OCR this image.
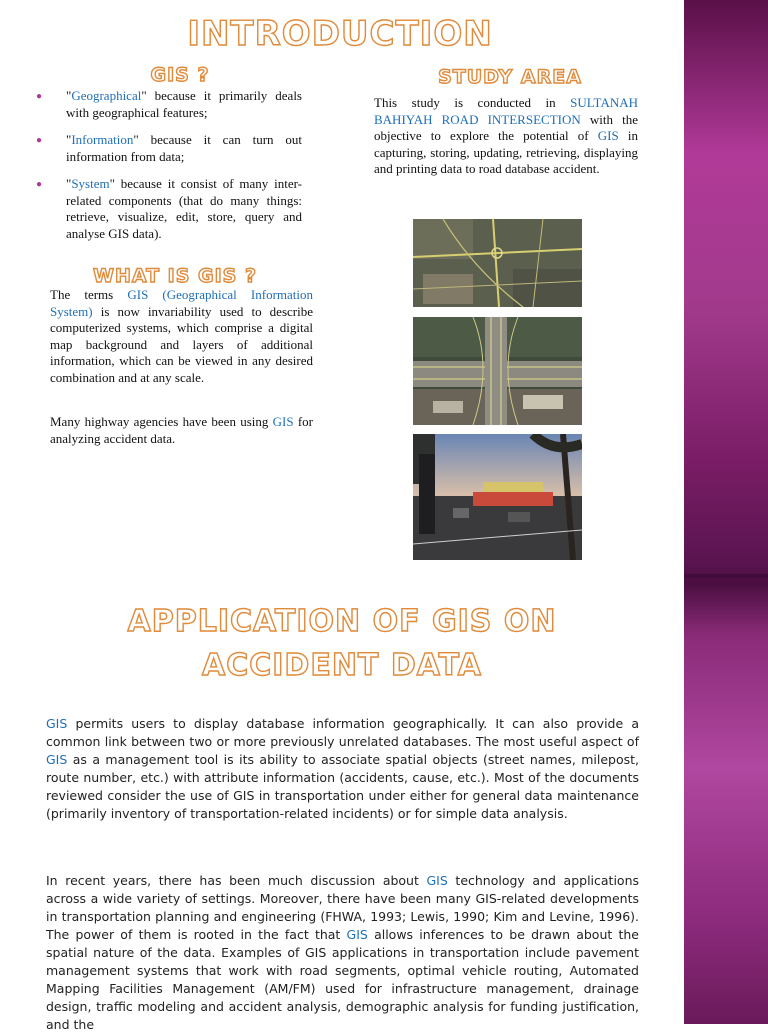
INTRODUCTION
GIS ?
● "Geographical" because it primarily deals with geographical features;
● "Information" because it can turn out information from data;
● "System" because it consist of many inter-related components (that do many things: retrieve, visualize, edit, store, query and analyse GIS data).
STUDY AREA
This study is conducted in SULTANAH BAHIYAH ROAD INTERSECTION with the objective to explore the potential of GIS in capturing, storing, updating, retrieving, displaying and printing data to road database accident.
WHAT IS GIS ?

The terms GIS (Geographical Information System) is now invariability used to describe computerized systems, which comprise a digital map background and layers of additional information, which can be viewed in any desired combination and at any scale.

Many highway agencies have been using GIS for analyzing accident data.

APPLICATION OF GIS ON ACCIDENT DATA
GIS permits users to display database information geographically. It can also provide a common link between two or more previously unrelated databases. The most useful aspect of GIS as a management tool is its ability to associate spatial objects (street names, milepost, route number, etc.) with attribute information (accidents, cause, etc.). Most of the documents reviewed consider the use of GIS in transportation under either for general data maintenance (primarily inventory of transportation-related incidents) or for simple data analysis.
In recent years, there has been much discussion about GIS technology and applications across a wide variety of settings. Moreover, there have been many GIS-related developments in transportation planning and engineering (FHWA, 1993; Lewis, 1990; Kim and Levine, 1996). The power of them is rooted in the fact that GIS allows inferences to be drawn about the spatial nature of the data. Examples of GIS applications in transportation include pavement management systems that work with road segments, optimal vehicle routing, Automated Mapping Facilities Management (AM/FM) used for infrastructure management, drainage design, traffic modeling and accident analysis, demographic analysis for funding justification, and the
